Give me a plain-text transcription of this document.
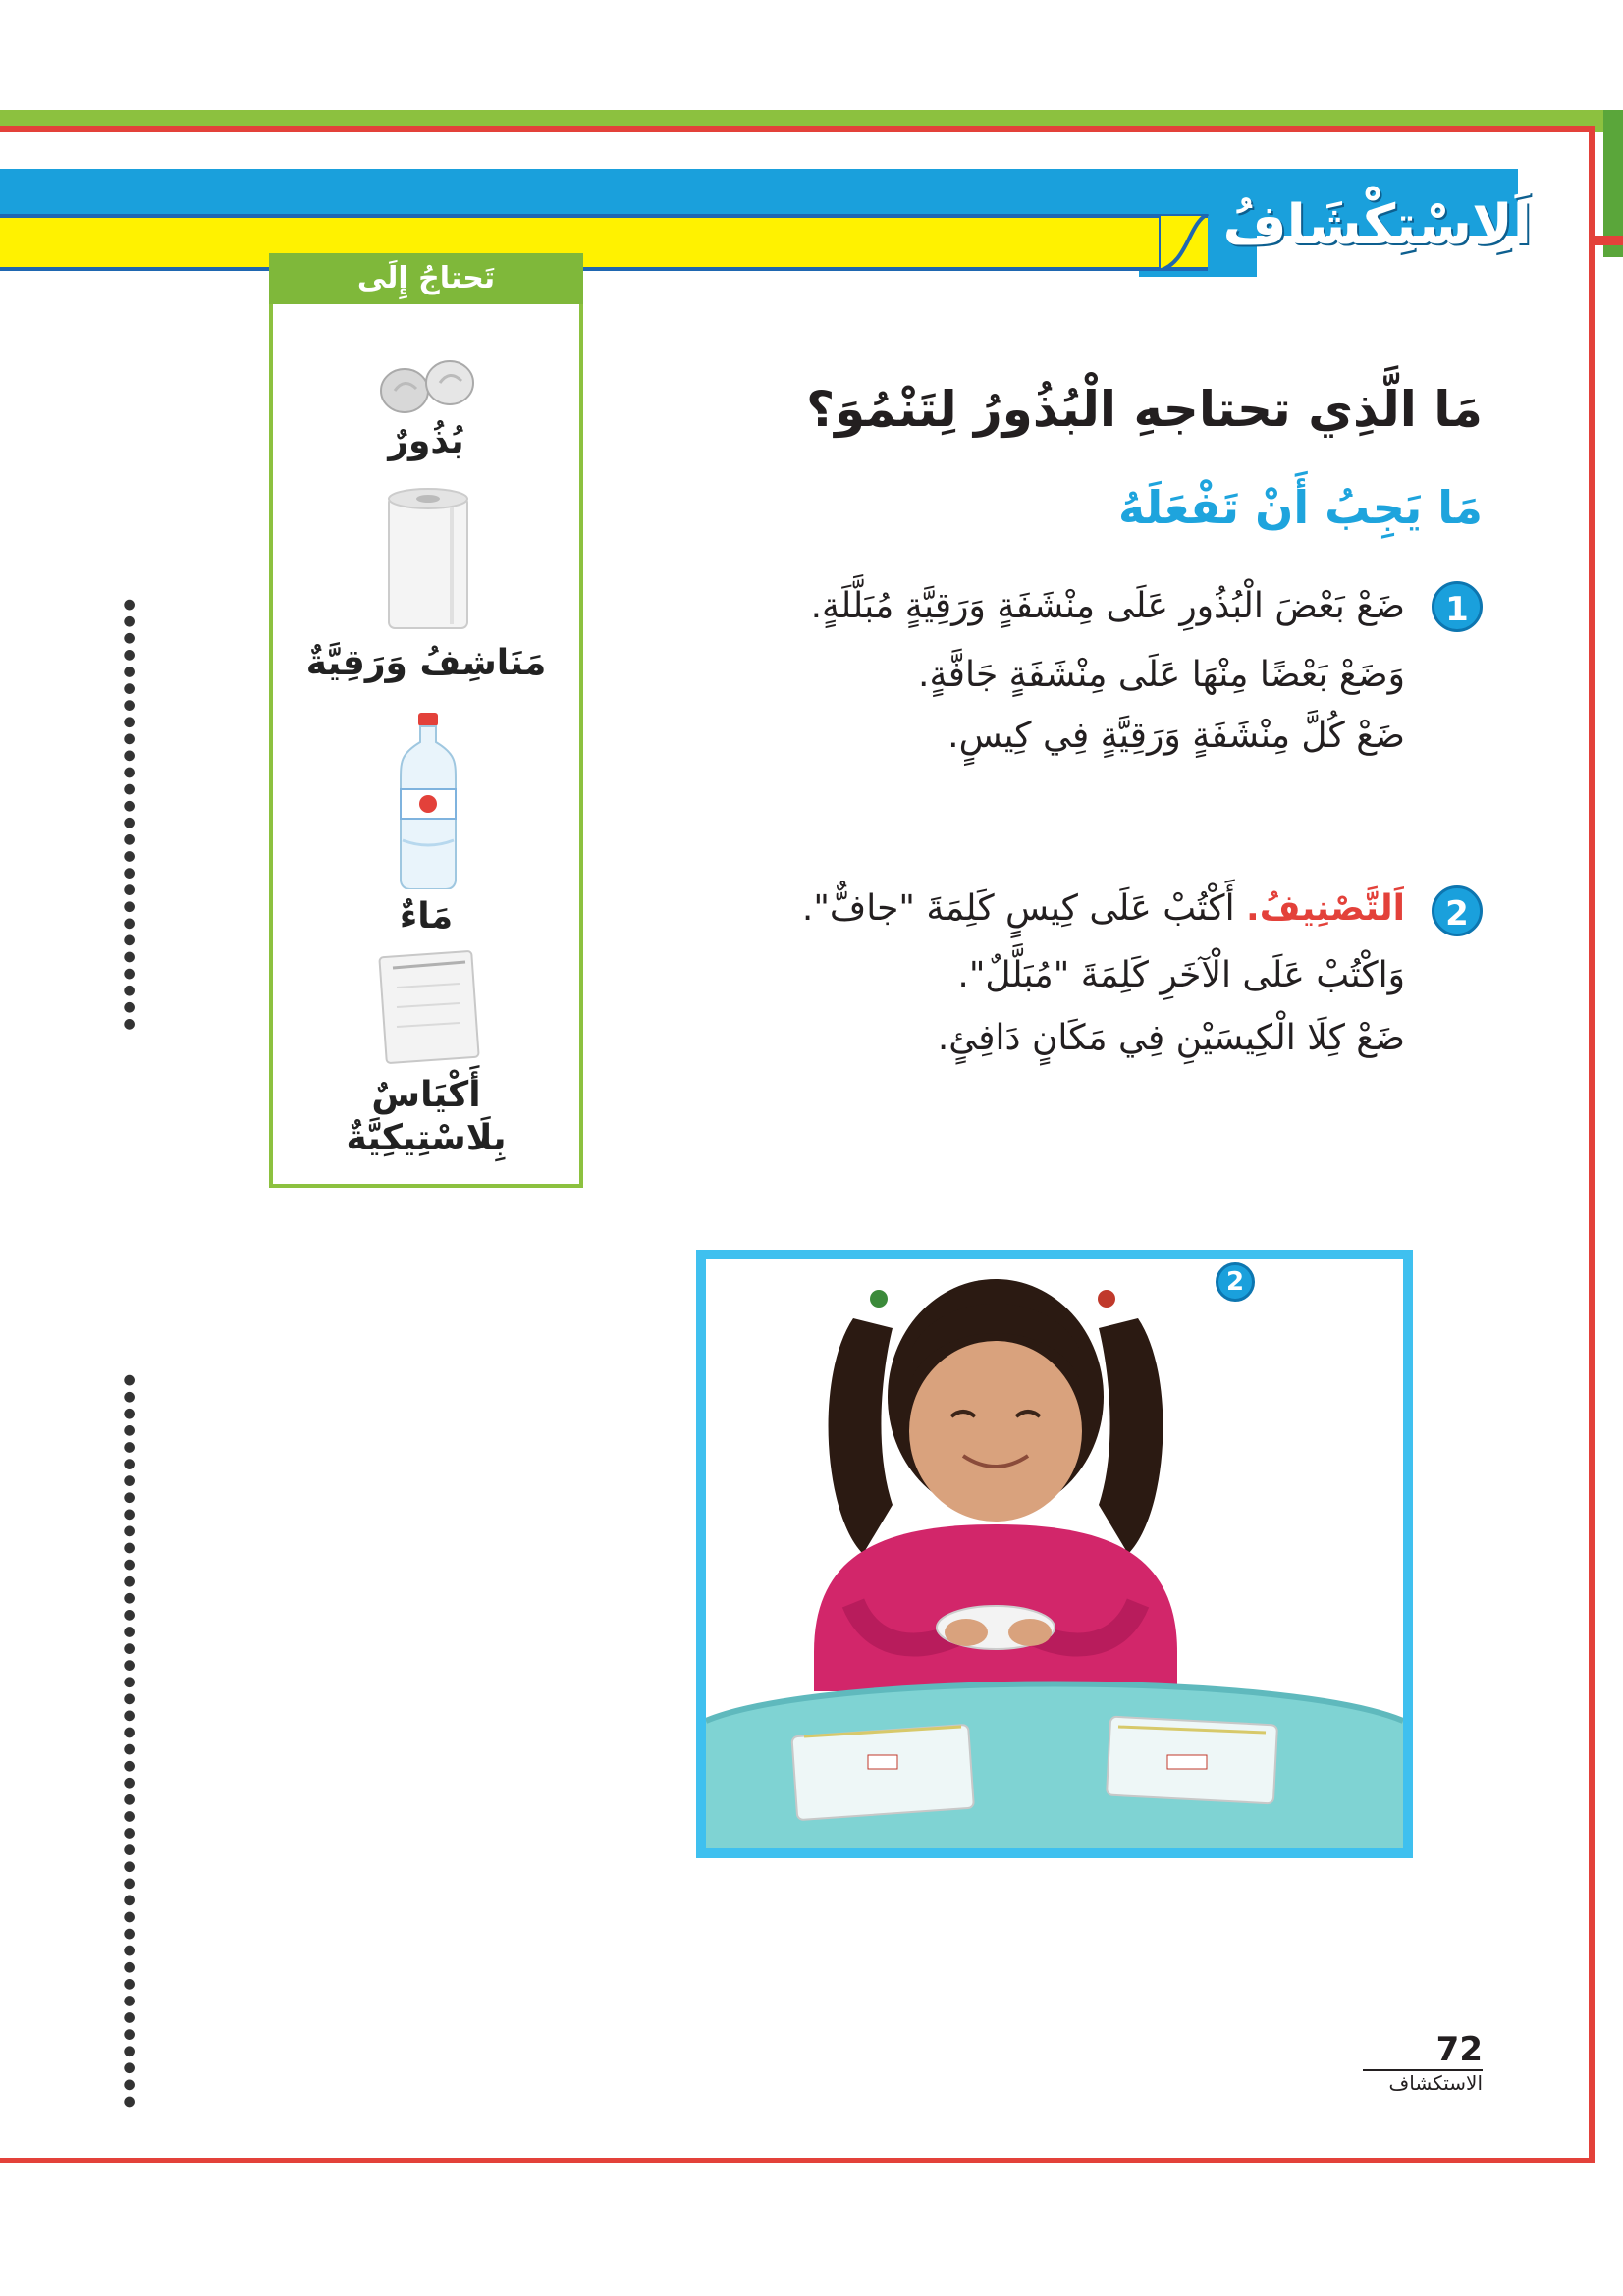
اَلِاسْتِكْشَافُ
● ● ● ● ● ● ● ● ● ● ● ● ● ● ● ● ● ● ● ● ● ● ● ● ● ●
● ● ● ● ● ● ● ● ● ● ● ● ● ● ● ● ● ● ● ● ● ● ● ● ● ● ● ● ● ● ● ● ● ● ● ● ● ● ● ● ● ● ● ●
تَحتاجُ إِلَى
بُذُورٌ
مَنَاشِفُ وَرَقِيَّةٌ
مَاءٌ
أَكْيَاسٌ
بِلَاسْتِيكِيَّةٌ
مَا الَّذِي تحتاجهِ الْبُذُورُ لِتَنْمُوَ؟
مَا يَجِبُ أَنْ تَفْعَلَهُ
1
ضَعْ بَعْضَ الْبُذُورِ عَلَى مِنْشَفَةٍ وَرَقِيَّةٍ مُبَلَّلَةٍ.
وَضَعْ بَعْضًا مِنْهَا عَلَى مِنْشَفَةٍ جَافَّةٍ.
ضَعْ كُلَّ مِنْشَفَةٍ وَرَقِيَّةٍ فِي كِيسٍ.
2
اَلتَّصْنِيفُ. أَكْتُبْ عَلَى كِيسٍ كَلِمَةَ "جافٌّ".
وَاكْتُبْ عَلَى الْآخَرِ كَلِمَةَ "مُبَلَّلٌ".
ضَعْ كِلَا الْكِيسَيْنِ فِي مَكَانٍ دَافِئٍ.
2	الْخُطْوَةُ
72
الاستكشاف
